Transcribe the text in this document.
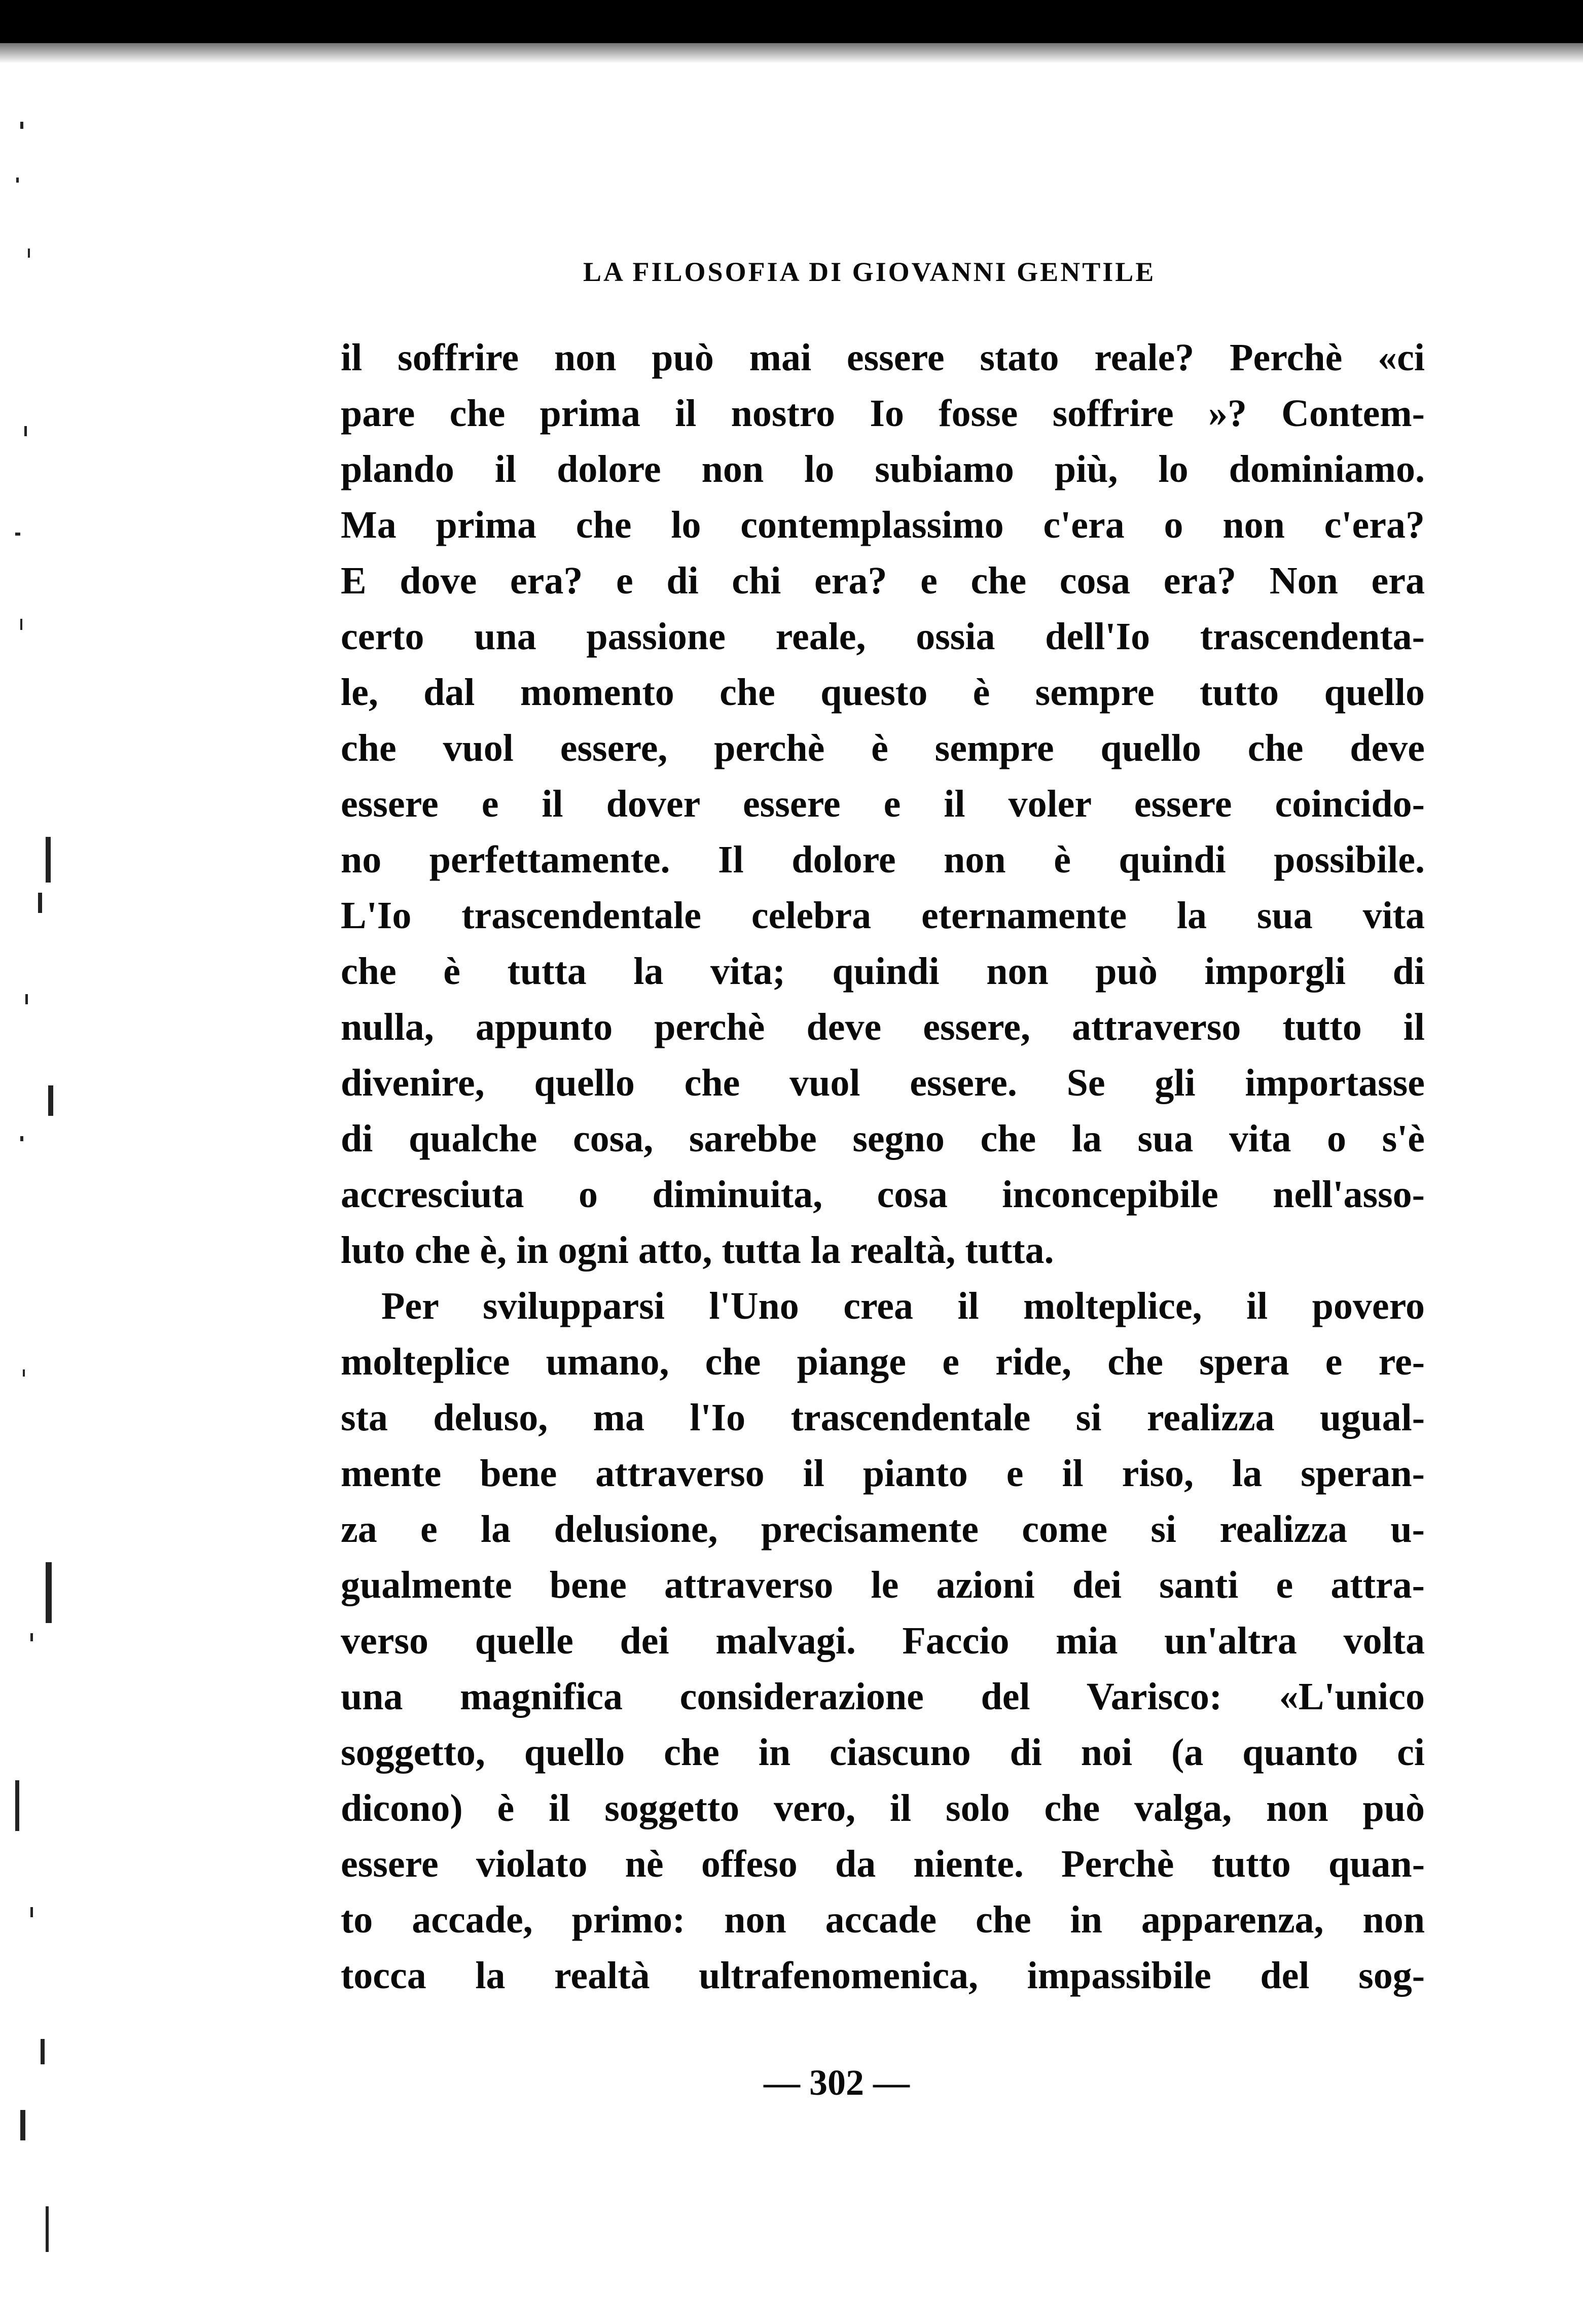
LA FILOSOFIA DI GIOVANNI GENTILE
il soffrire non può mai essere stato reale? Perchè «ci
pare che prima il nostro Io fosse soffrire »? Contem-
plando il dolore non lo subiamo più, lo dominiamo.
Ma prima che lo contemplassimo c'era o non c'era?
E dove era? e di chi era? e che cosa era? Non era
certo una passione reale, ossia dell'Io trascendenta-
le, dal momento che questo è sempre tutto quello
che vuol essere, perchè è sempre quello che deve
essere e il dover essere e il voler essere coincido-
no perfettamente. Il dolore non è quindi possibile.
L'Io trascendentale celebra eternamente la sua vita
che è tutta la vita; quindi non può imporgli di
nulla, appunto perchè deve essere, attraverso tutto il
divenire, quello che vuol essere. Se gli importasse
di qualche cosa, sarebbe segno che la sua vita o s'è
accresciuta o diminuita, cosa inconcepibile nell'asso-
luto che è, in ogni atto, tutta la realtà, tutta.
Per svilupparsi l'Uno crea il molteplice, il povero
molteplice umano, che piange e ride, che spera e re-
sta deluso, ma l'Io trascendentale si realizza ugual-
mente bene attraverso il pianto e il riso, la speran-
za e la delusione, precisamente come si realizza u-
gualmente bene attraverso le azioni dei santi e attra-
verso quelle dei malvagi. Faccio mia un'altra volta
una magnifica considerazione del Varisco: «L'unico
soggetto, quello che in ciascuno di noi (a quanto ci
dicono) è il soggetto vero, il solo che valga, non può
essere violato nè offeso da niente. Perchè tutto quan-
to accade, primo: non accade che in apparenza, non
tocca la realtà ultrafenomenica, impassibile del sog-
— 302 —
